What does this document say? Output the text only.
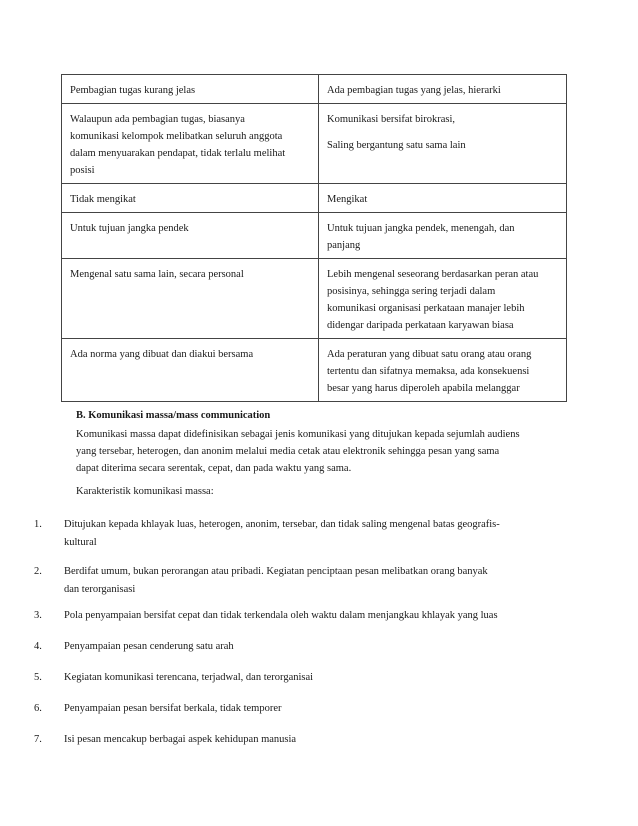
Pembagian tugas kurang jelas	Ada pembagian tugas yang jelas, hierarki

Walaupun ada pembagian tugas, biasanya
komunikasi kelompok melibatkan seluruh anggota
dalam menyuarakan pendapat, tidak terlalu melihat
posisi	Komunikasi bersifat birokrasi,
Saling bergantung satu sama lain

Tidak mengikat	Mengikat

Untuk tujuan jangka pendek	Untuk tujuan jangka pendek, menengah, dan
panjang

Mengenal satu sama lain, secara personal	Lebih mengenal seseorang berdasarkan peran atau
posisinya, sehingga sering terjadi dalam
komunikasi organisasi perkataan manajer lebih
didengar daripada perkataan karyawan biasa

Ada norma yang dibuat dan diakui bersama	Ada peraturan yang dibuat satu orang atau orang
tertentu dan sifatnya memaksa, ada konsekuensi
besar yang harus diperoleh apabila melanggar
B. Komunikasi massa/mass communication
Komunikasi massa dapat didefinisikan sebagai jenis komunikasi yang ditujukan kepada sejumlah audiens
yang tersebar, heterogen, dan anonim melalui media cetak atau elektronik sehingga pesan yang sama
dapat diterima secara serentak, cepat, dan pada waktu yang sama.
Karakteristik komunikasi massa:
1.	Ditujukan kepada khlayak luas, heterogen, anonim, tersebar, dan tidak saling mengenal batas geografis-
kultural
2.	Berdifat umum, bukan perorangan atau pribadi. Kegiatan penciptaan pesan melibatkan orang banyak
dan terorganisasi
3.	Pola penyampaian bersifat cepat dan tidak terkendala oleh waktu dalam menjangkau khlayak yang luas
4.	Penyampaian pesan cenderung satu arah
5.	Kegiatan komunikasi terencana, terjadwal, dan terorganisai
6.	Penyampaian pesan bersifat berkala, tidak temporer
7.	Isi pesan mencakup berbagai aspek kehidupan manusia
